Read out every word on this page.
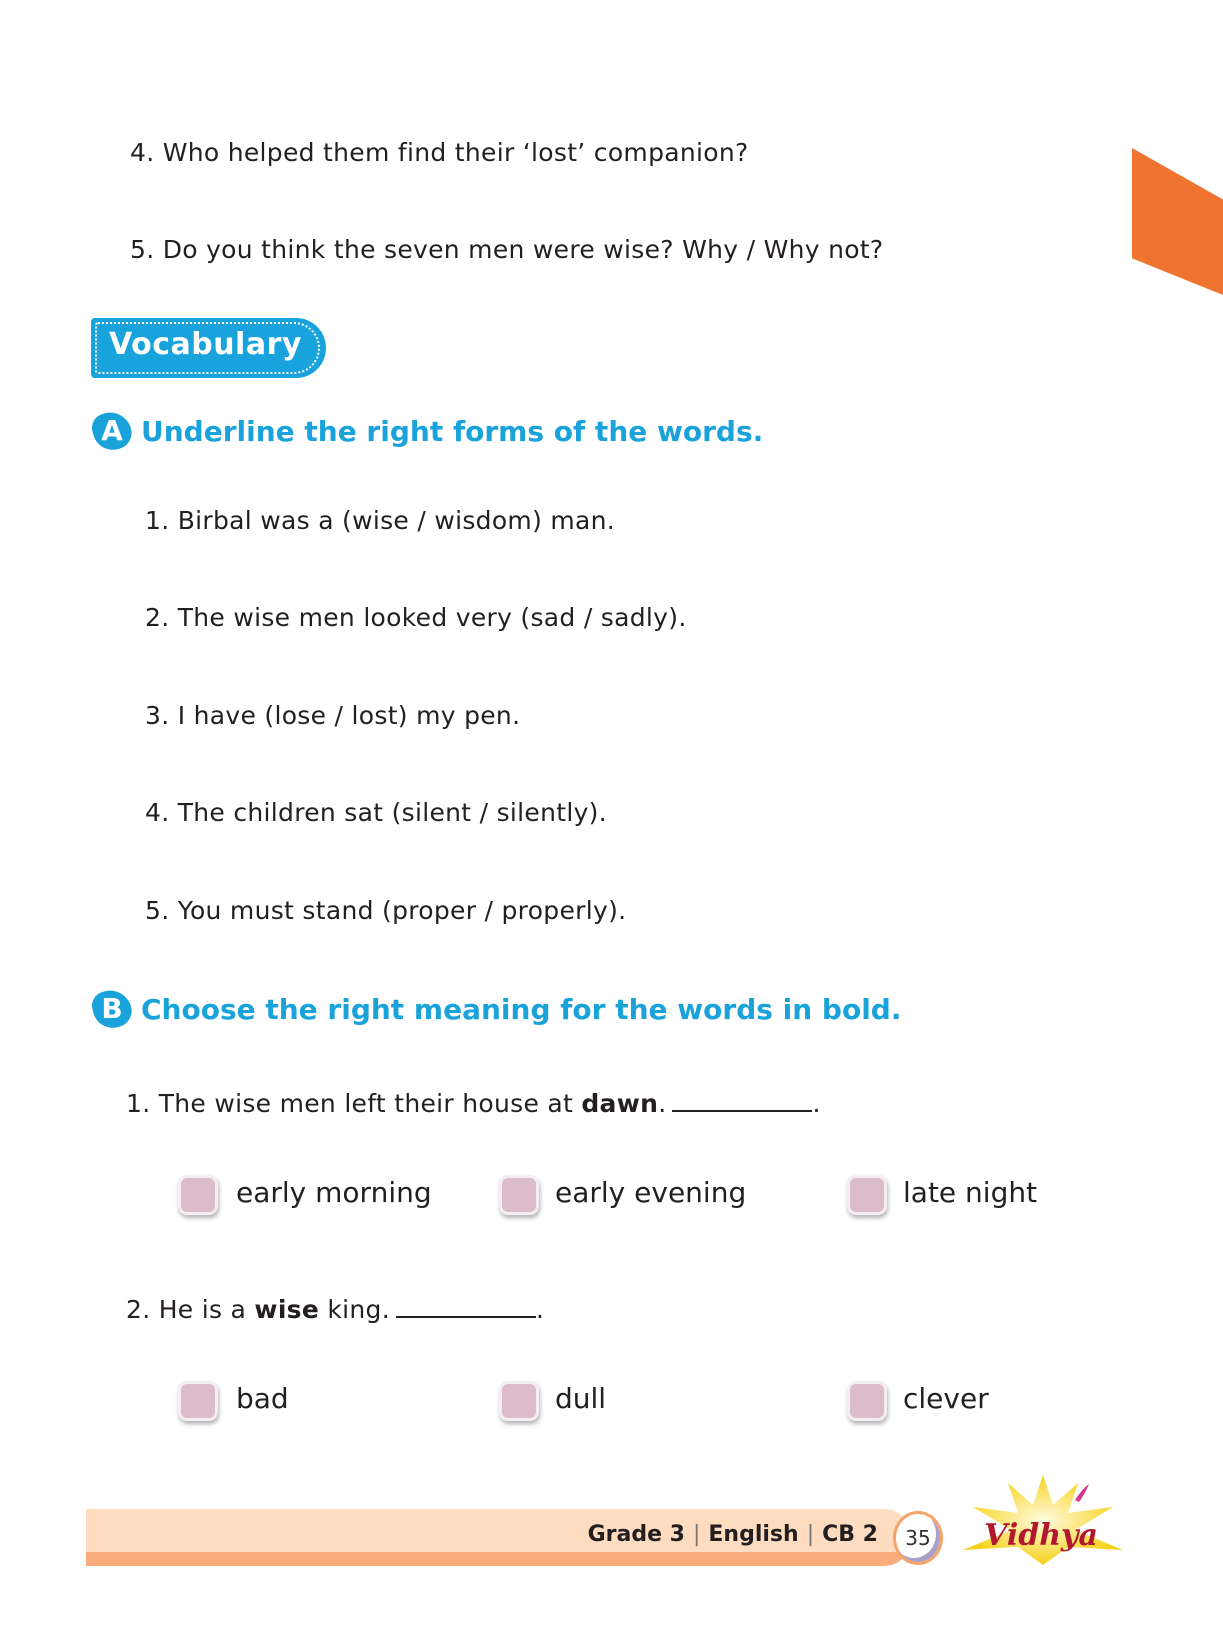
4. Who helped them find their ‘lost’ companion?
5. Do you think the seven men were wise? Why / Why not?
Vocabulary
A Underline the right forms of the words.
1. Birbal was a (wise / wisdom) man.
2. The wise men looked very (sad / sadly).
3. I have (lose / lost) my pen.
4. The children sat (silent / silently).
5. You must stand (proper / properly).
B Choose the right meaning for the words in bold.
1. The wise men left their house at dawn.	.
early morning	early evening	late night
2. He is a wise king.	.
bad	dull	clever
Grade 3 | English | CB 2	35	Vidhya
